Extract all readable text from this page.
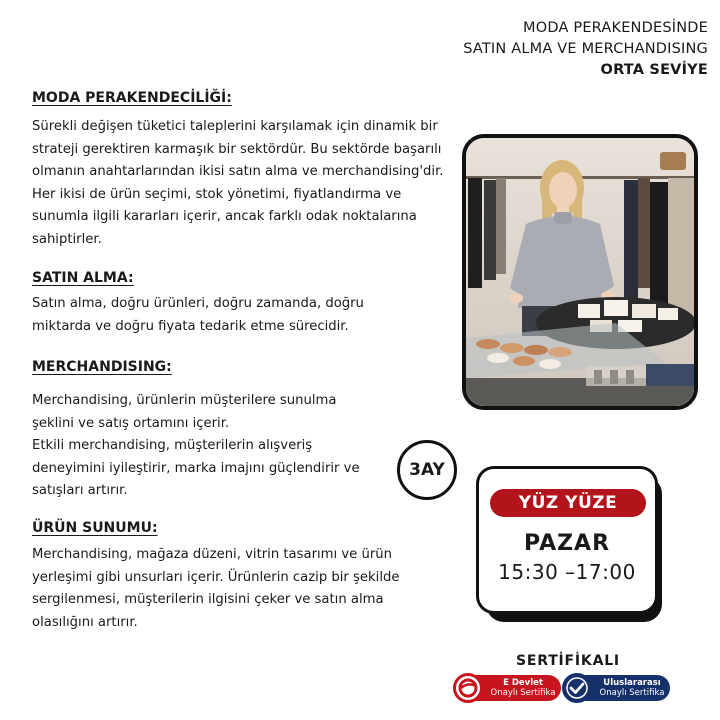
MODA PERAKENDESİNDE
SATIN ALMA VE MERCHANDISING
ORTA SEVİYE
MODA PERAKENDECİLİĞİ:
Sürekli değişen tüketici taleplerini karşılamak için dinamik bir
strateji gerektiren karmaşık bir sektördür. Bu sektörde başarılı
olmanın anahtarlarından ikisi satın alma ve merchandising'dir.
Her ikisi de ürün seçimi, stok yönetimi, fiyatlandırma ve
sunumla ilgili kararları içerir, ancak farklı odak noktalarına
sahiptirler.
SATIN ALMA:
Satın alma, doğru ürünleri, doğru zamanda, doğru
miktarda ve doğru fiyata tedarik etme sürecidir.
MERCHANDISING:
Merchandising, ürünlerin müşterilere sunulma
şeklini ve satış ortamını içerir.
Etkili merchandising, müşterilerin alışveriş
deneyimini iyileştirir, marka imajını güçlendirir ve
satışları artırır.
ÜRÜN SUNUMU:
Merchandising, mağaza düzeni, vitrin tasarımı ve ürün
yerleşimi gibi unsurları içerir. Ürünlerin cazip bir şekilde
sergilenmesi, müşterilerin ilgisini çeker ve satın alma
olasılığını artırır.
3AY
YÜZ YÜZE
PAZAR
15:30 –17:00
SERTİFİKALI
E Devlet
Onaylı Sertifika
Uluslararası
Onaylı Sertifika
